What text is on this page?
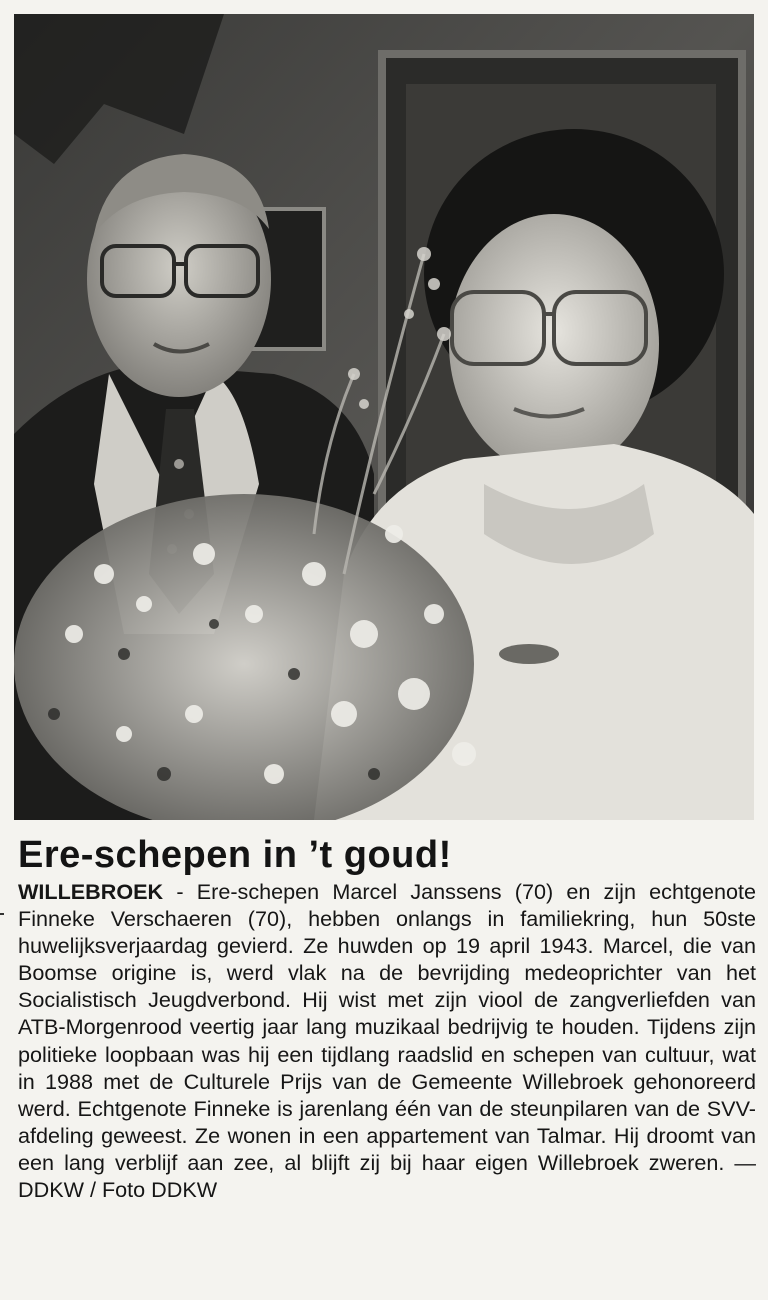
Ere-schepen in ’t goud!
WILLEBROEK - Ere-schepen Marcel Janssens (70) en zijn echtgenote Finneke Verschaeren (70), hebben onlangs in familiekring, hun 50ste huwelijksverjaardag gevierd. Ze huwden op 19 april 1943. Marcel, die van Boomse origine is, werd vlak na de bevrijding medeoprichter van het Socialistisch Jeugdverbond. Hij wist met zijn viool de zangverliefden van ATB-Morgenrood veertig jaar lang muzikaal bedrijvig te houden. Tijdens zijn politieke loopbaan was hij een tijdlang raadslid en schepen van cultuur, wat in 1988 met de Culturele Prijs van de Gemeente Willebroek gehonoreerd werd. Echtgenote Finneke is jarenlang één van de steunpilaren van de SVV-afdeling geweest. Ze wonen in een appartement van Talmar. Hij droomt van een lang verblijf aan zee, al blijft zij bij haar eigen Willebroek zweren. — DDKW / Foto DDKW
